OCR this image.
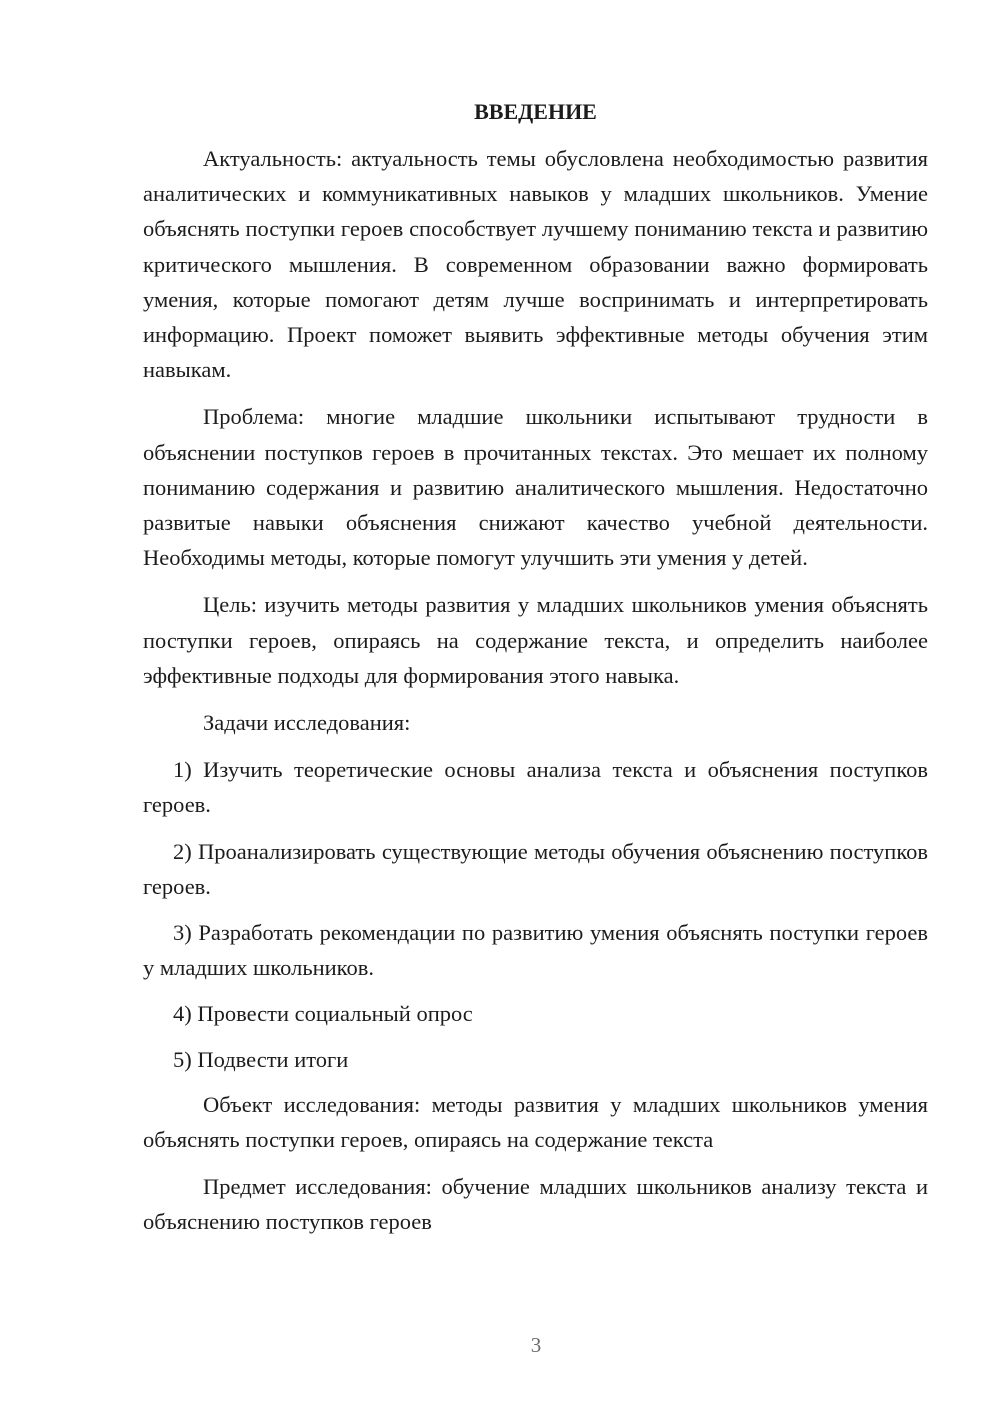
ВВЕДЕНИЕ

Актуальность: актуальность темы обусловлена необходимостью развития аналитических и коммуникативных навыков у младших школьников. Умение объяснять поступки героев способствует лучшему пониманию текста и развитию критического мышления. В современном образовании важно формировать умения, которые помогают детям лучше воспринимать и интерпретировать информацию. Проект поможет выявить эффективные методы обучения этим навыкам.

Проблема: многие младшие школьники испытывают трудности в объяснении поступков героев в прочитанных текстах. Это мешает их полному пониманию содержания и развитию аналитического мышления. Недостаточно развитые навыки объяснения снижают качество учебной деятельности. Необходимы методы, которые помогут улучшить эти умения у детей.

Цель: изучить методы развития у младших школьников умения объяснять поступки героев, опираясь на содержание текста, и определить наиболее эффективные подходы для формирования этого навыка.

Задачи исследования:

1) Изучить теоретические основы анализа текста и объяснения поступков героев.

2) Проанализировать существующие методы обучения объяснению поступков героев.

3) Разработать рекомендации по развитию умения объяснять поступки героев у младших школьников.

4) Провести социальный опрос

5) Подвести итоги

Объект исследования: методы развития у младших школьников умения объяснять поступки героев, опираясь на содержание текста

Предмет исследования: обучение младших школьников анализу текста и объяснению поступков героев

3
